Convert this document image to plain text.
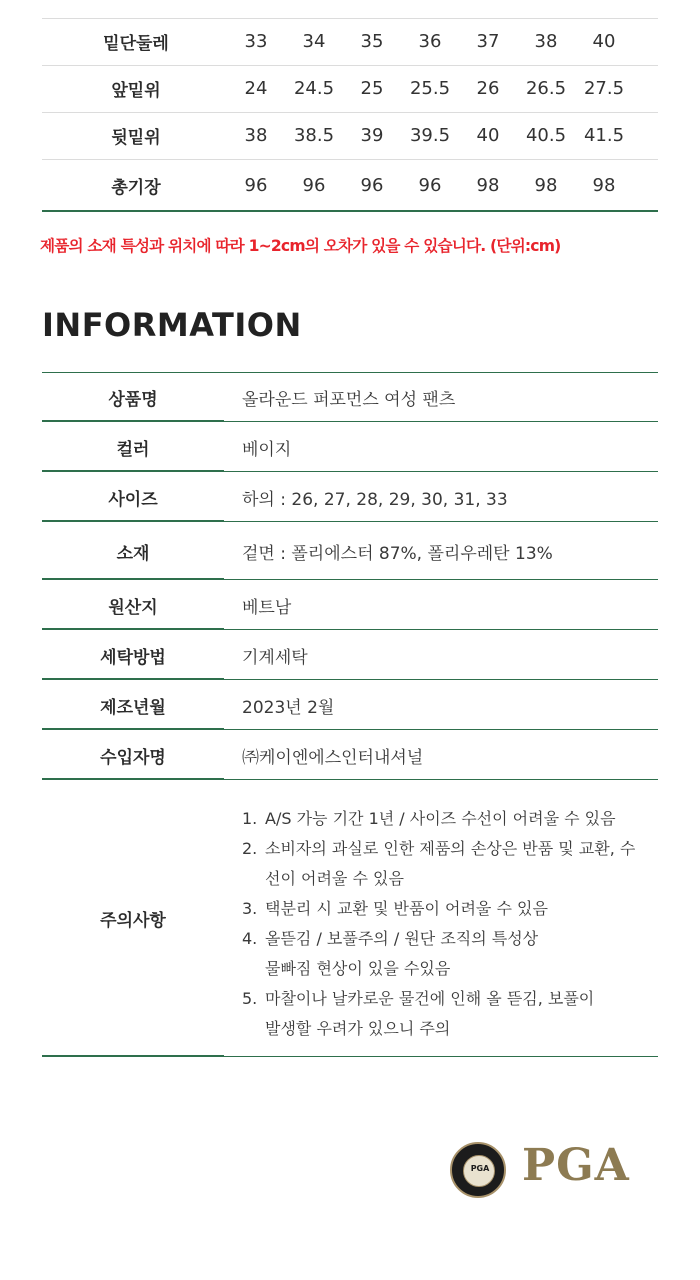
밑단둘레	33	34	35	36	37	38	40
앞밑위	24	24.5	25	25.5	26	26.5 27.5
뒷밑위	38	38.5	39	39.5	40	40.5 41.5
총기장	96	96	96	96	98	98	98
제품의 소재 특성과 위치에 따라 1~2cm의 오차가 있을 수 있습니다. (단위:cm)
INFORMATION
상품명	올라운드 퍼포먼스 여성 팬츠
컬러	베이지
사이즈	하의 : 26, 27, 28, 29, 30, 31, 33
소재	겉면 : 폴리에스터 87%, 폴리우레탄 13%
원산지	베트남
세탁방법	기계세탁
제조년월	2023년 2월
수입자명	㈜케이엔에스인터내셔널
주의사항
1. A/S 가능 기간 1년 / 사이즈 수선이 어려울 수 있음
2. 소비자의 과실로 인한 제품의 손상은 반품 및 교환, 수
선이 어려울 수 있음
3. 택분리 시 교환 및 반품이 어려울 수 있음
4. 올뜯김 / 보풀주의 / 원단 조직의 특성상
물빠짐 현상이 있을 수있음
5. 마찰이나 날카로운 물건에 인해 올 뜯김, 보풀이
발생할 우려가 있으니 주의
PGA PGA
